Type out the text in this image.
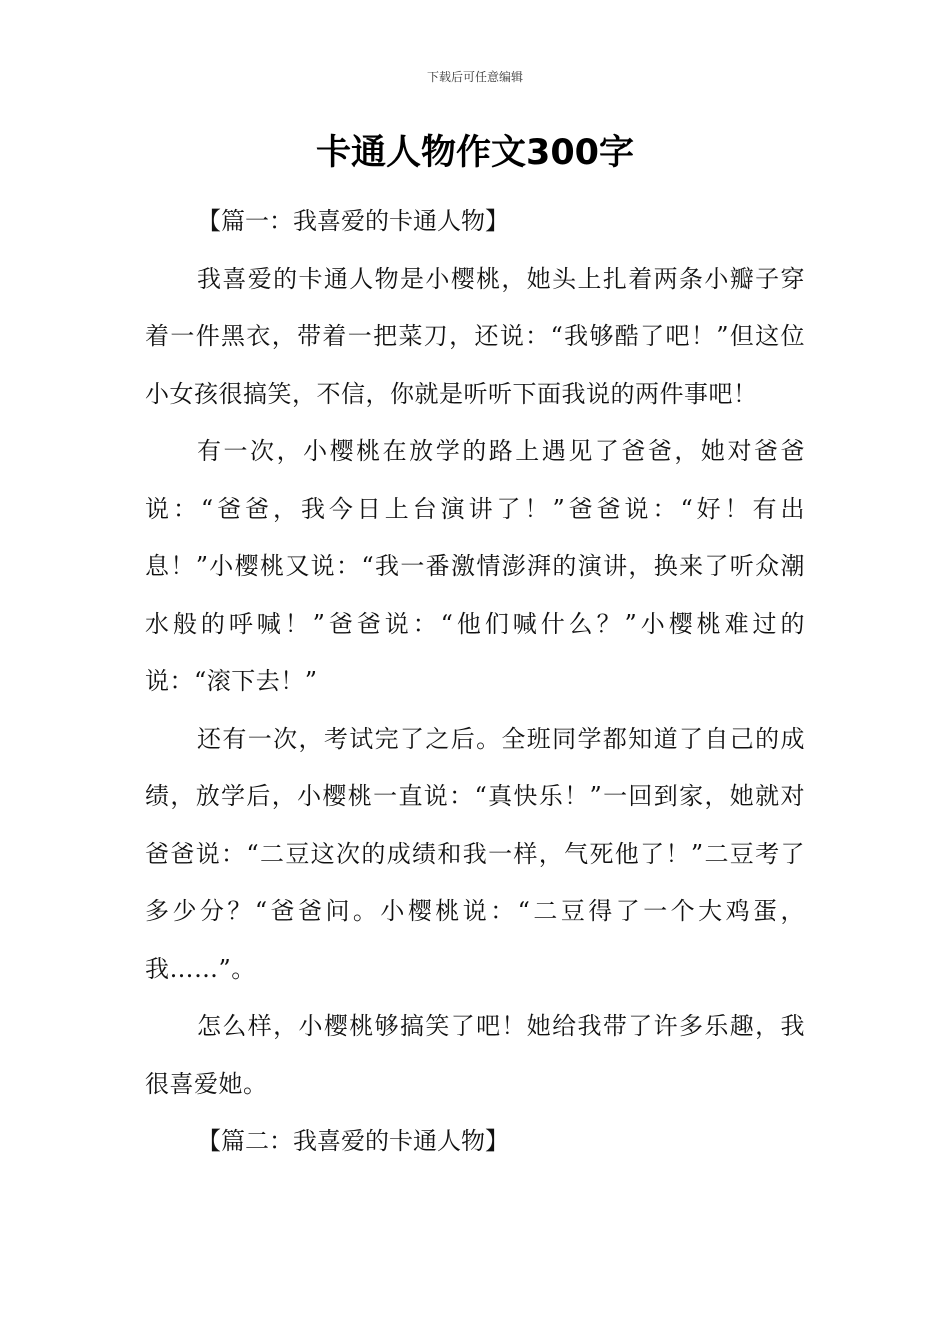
下载后可任意编辑
卡通人物作文300字
【篇一：我喜爱的卡通人物】

我喜爱的卡通人物是小樱桃，她头上扎着两条小瓣子穿着一件黑衣，带着一把菜刀，还说：“我够酷了吧！”但这位小女孩很搞笑，不信，你就是听听下面我说的两件事吧！

有一次，小樱桃在放学的路上遇见了爸爸，她对爸爸说：“爸爸，我今日上台演讲了！”爸爸说：“好！有出息！”小樱桃又说：“我一番激情澎湃的演讲，换来了听众潮水般的呼喊！”爸爸说：“他们喊什么？”小樱桃难过的说：“滚下去！”

还有一次，考试完了之后。全班同学都知道了自己的成绩，放学后，小樱桃一直说：“真快乐！”一回到家，她就对爸爸说：“二豆这次的成绩和我一样，气死他了！”二豆考了多少分？“爸爸问。小樱桃说：“二豆得了一个大鸡蛋，我……”。

怎么样，小樱桃够搞笑了吧！她给我带了许多乐趣，我很喜爱她。

【篇二：我喜爱的卡通人物】
